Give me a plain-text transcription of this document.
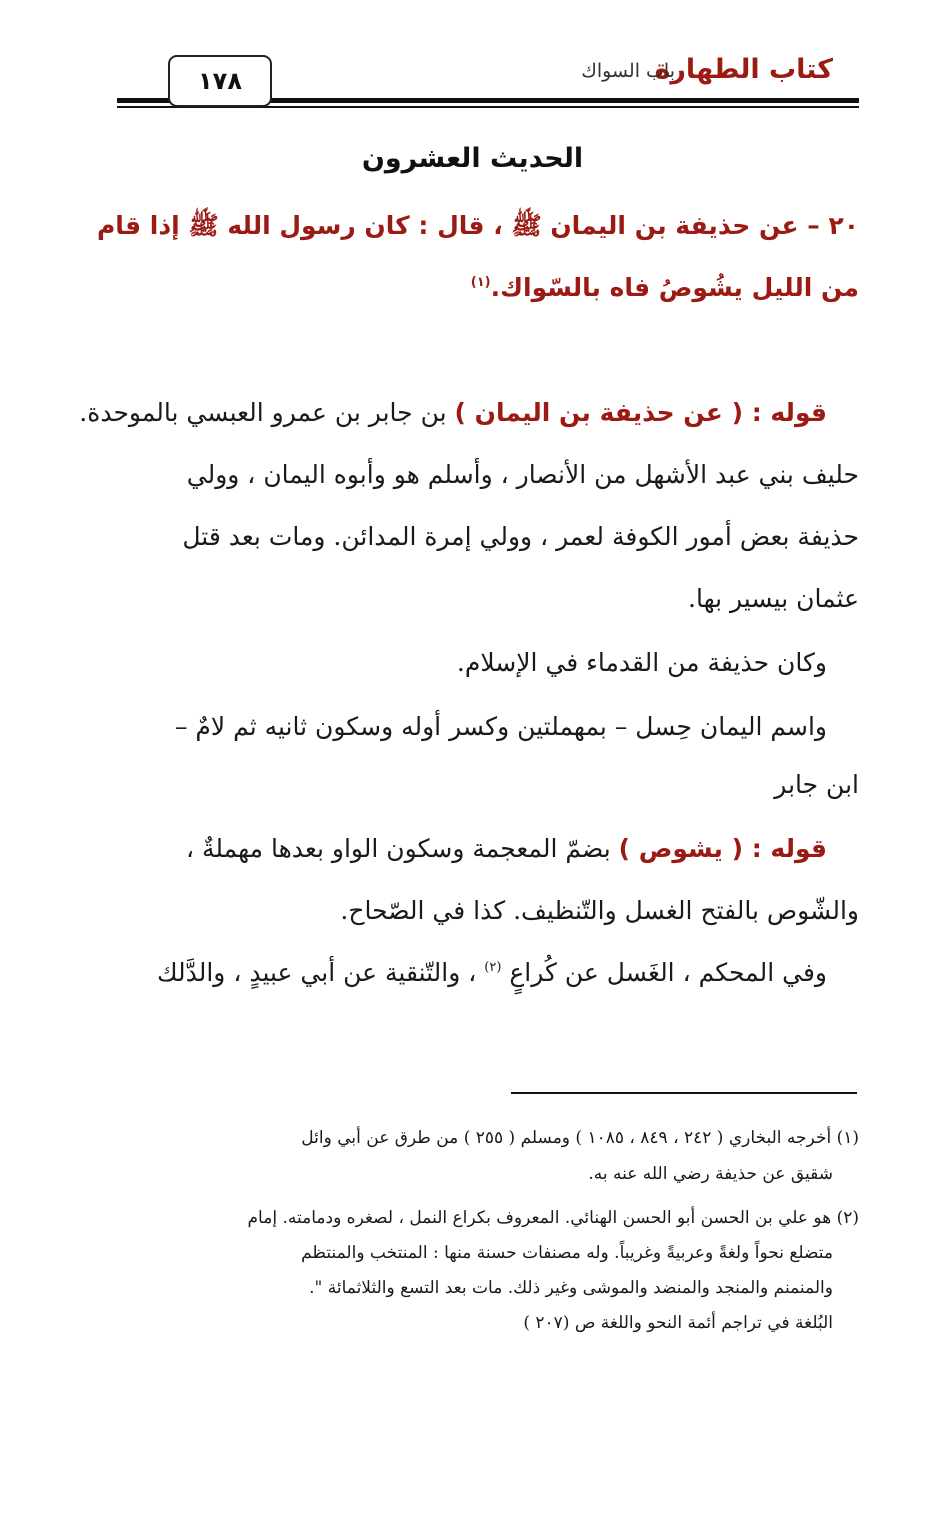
كتاب الطهارة
باب السواك
١٧٨
الحديث العشرون
٢٠ – عن حذيفة بن اليمان ﷺ ، قال : كان رسول الله ﷺ إذا قام
من الليل يشُوصُ فاه بالسّواك.$^{(١)}$
قوله : ( عن حذيفة بن اليمان ) بن جابر بن عمرو العبسي بالموحدة.
حليف بني عبد الأشهل من الأنصار ، وأسلم هو وأبوه اليمان ، وولي
حذيفة بعض أمور الكوفة لعمر ، وولي إمرة المدائن. ومات بعد قتل
عثمان بيسير بها.
وكان حذيفة من القدماء في الإسلام.
واسم اليمان حِسل – بمهملتين وكسر أوله وسكون ثانيه ثم لامٌ –
ابن جابر
قوله : ( يشوص ) بضمّ المعجمة وسكون الواو بعدها مهملةٌ ،
والشّوص بالفتح الغسل والتّنظيف. كذا في الصّحاح.
وفي المحكم ، الغَسل عن كُراعٍ $^{(٢)}$ ، والتّنقية عن أبي عبيدٍ ، والدَّلك
(١) أخرجه البخاري ( ٢٤٢ ، ٨٤٩ ، ١٠٨٥ ) ومسلم ( ٢٥٥ ) من طرق عن أبي وائل
شقيق عن حذيفة رضي الله عنه به.
(٢) هو علي بن الحسن أبو الحسن الهنائي. المعروف بكراع النمل ، لصغره ودمامته. إمام
متضلع نحواً ولغةً وعربيةً وغريباً. وله مصنفات حسنة منها : المنتخب والمنتظم
والمنمنم والمنجد والمنضد والموشى وغير ذلك. مات بعد التسع والثلاثمائة ".
البُلغة في تراجم أئمة النحو واللغة ص (٢٠٧ )
